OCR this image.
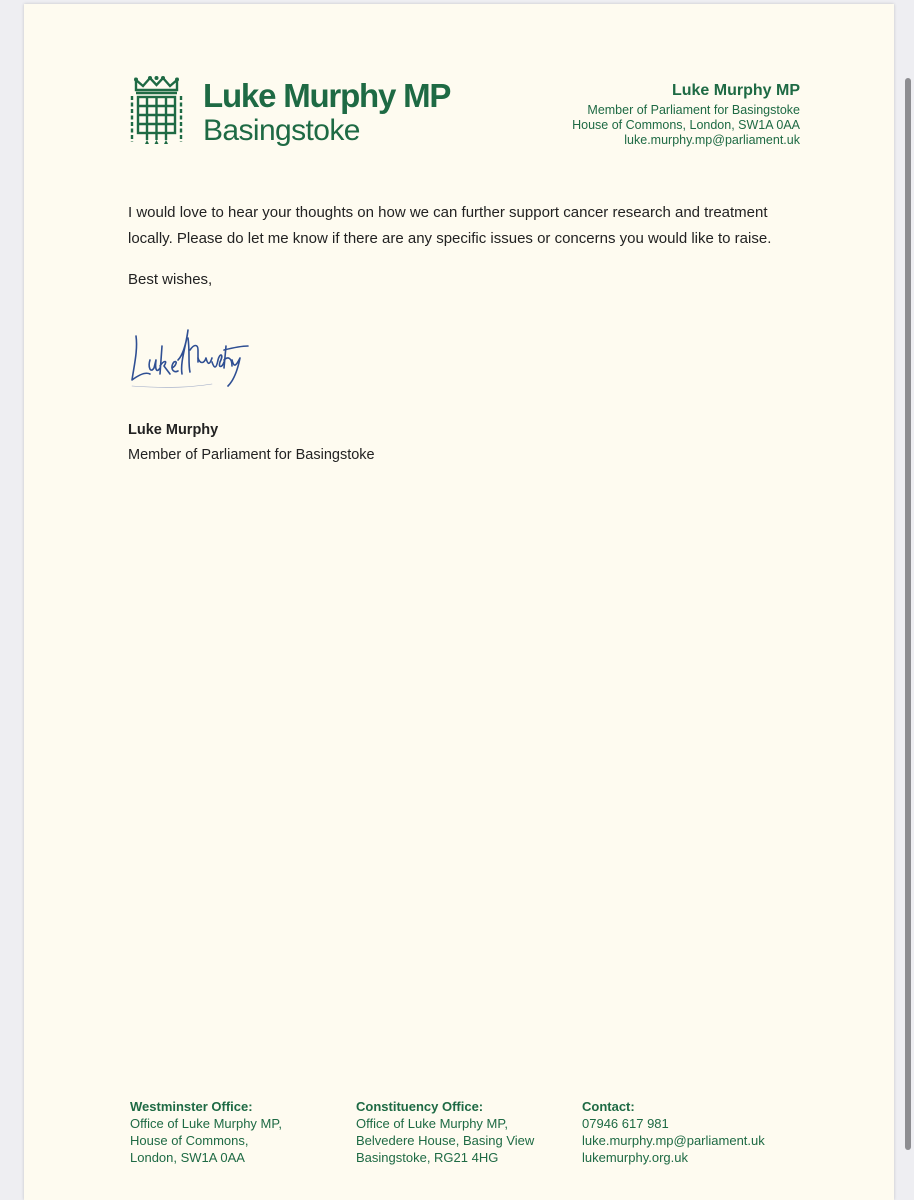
Luke Murphy MP
Basingstoke
Luke Murphy MP
Member of Parliament for Basingstoke
House of Commons, London, SW1A 0AA
luke.murphy.mp@parliament.uk

I would love to hear your thoughts on how we can further support cancer research and treatment locally. Please do let me know if there are any specific issues or concerns you would like to raise.

Best wishes,
Luke Murphy
Member of Parliament for Basingstoke
Westminster Office:
Office of Luke Murphy MP,
House of Commons,
London, SW1A 0AA
Constituency Office:
Office of Luke Murphy MP,
Belvedere House, Basing View
Basingstoke, RG21 4HG
Contact:
07946 617 981
luke.murphy.mp@parliament.uk
lukemurphy.org.uk
